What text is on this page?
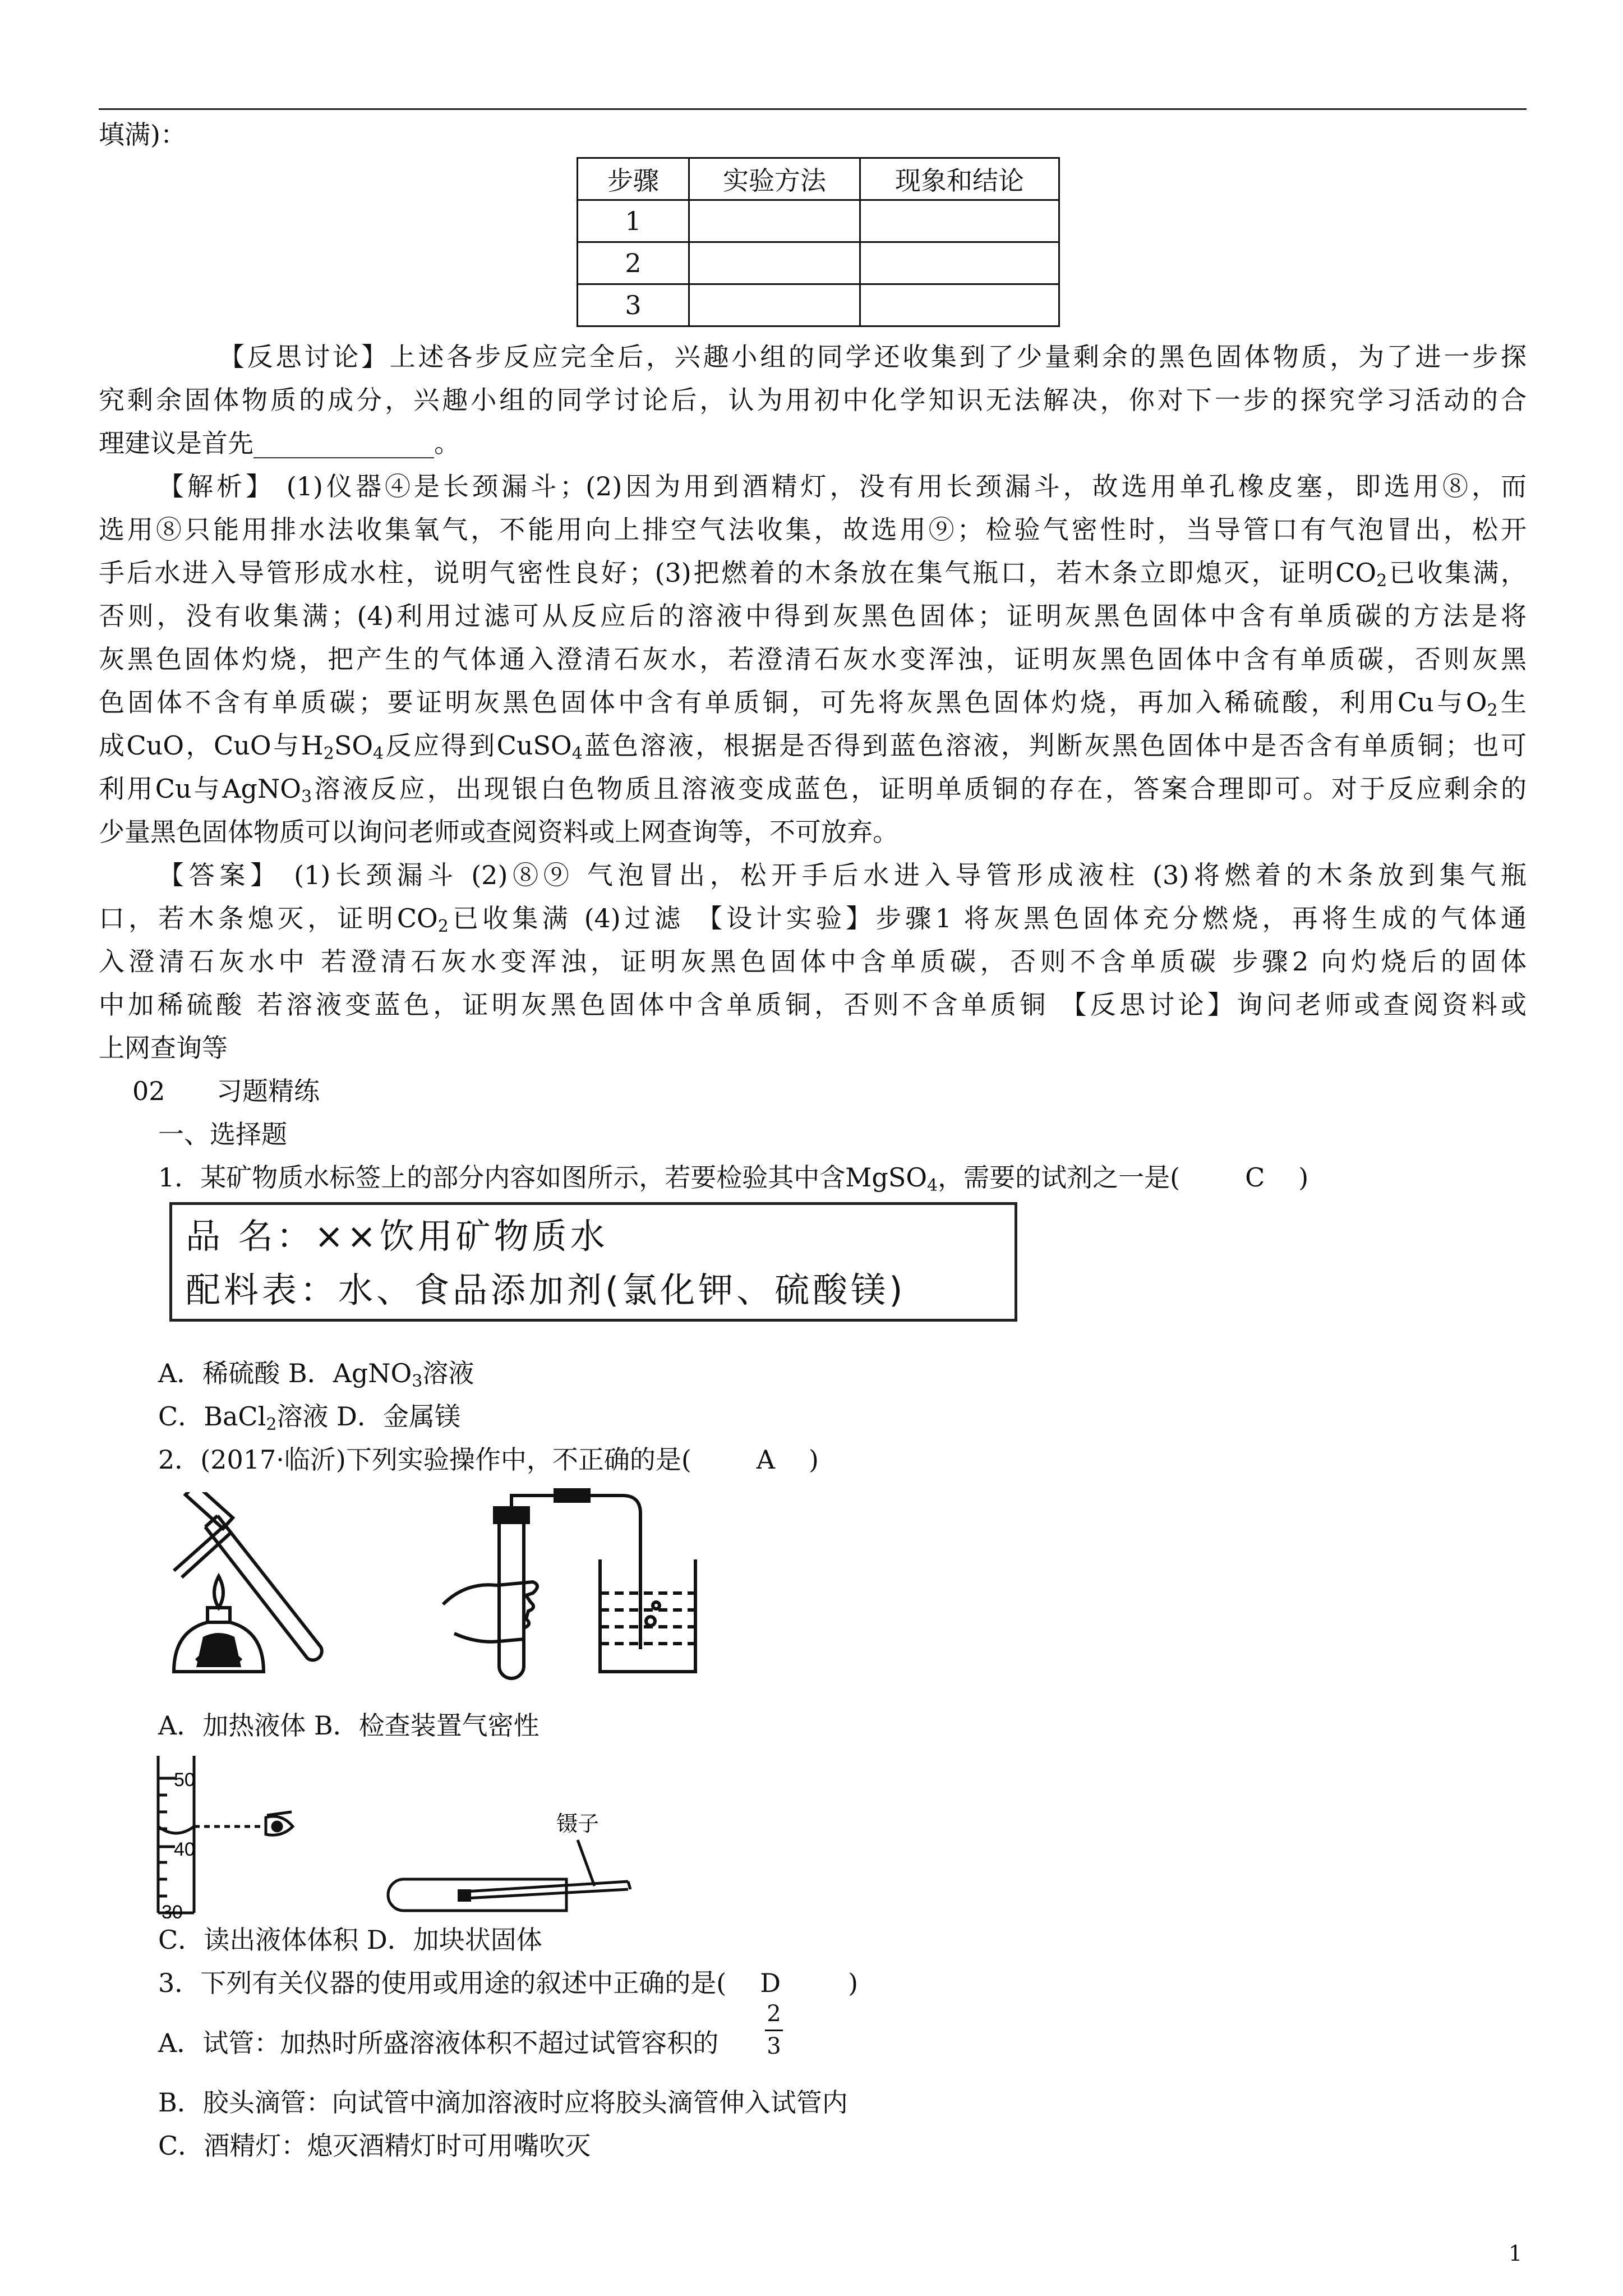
填满)：
步骤	实验方法	现象和结论
1		
2		
3		
【反思讨论】上述各步反应完全后，兴趣小组的同学还收集到了少量剩余的黑色固体物质，为了进一步探
究剩余固体物质的成分，兴趣小组的同学讨论后，认为用初中化学知识无法解决，你对下一步的探究学习活动的合
理建议是首先______________。
【解析】 (1)仪器④是长颈漏斗；(2)因为用到酒精灯，没有用长颈漏斗，故选用单孔橡皮塞，即选用⑧，而
选用⑧只能用排水法收集氧气，不能用向上排空气法收集，故选用⑨；检验气密性时，当导管口有气泡冒出，松开
手后水进入导管形成水柱，说明气密性良好；(3)把燃着的木条放在集气瓶口，若木条立即熄灭，证明$CO_2$已收集满，
否则，没有收集满；(4)利用过滤可从反应后的溶液中得到灰黑色固体；证明灰黑色固体中含有单质碳的方法是将
灰黑色固体灼烧，把产生的气体通入澄清石灰水，若澄清石灰水变浑浊，证明灰黑色固体中含有单质碳，否则灰黑
色固体不含有单质碳；要证明灰黑色固体中含有单质铜，可先将灰黑色固体灼烧，再加入稀硫酸，利用Cu与$O_2$生
成CuO，CuO与$H_2SO_4$反应得到CuSO$_4$蓝色溶液，根据是否得到蓝色溶液，判断灰黑色固体中是否含有单质铜；也可
利用Cu与AgNO$_3$溶液反应，出现银白色物质且溶液变成蓝色，证明单质铜的存在，答案合理即可。对于反应剩余的
少量黑色固体物质可以询问老师或查阅资料或上网查询等，不可放弃。
【答案】 (1)长颈漏斗 (2)⑧⑨ 气泡冒出，松开手后水进入导管形成液柱 (3)将燃着的木条放到集气瓶
口，若木条熄灭，证明$CO_2$已收集满 (4)过滤 【设计实验】步骤1 将灰黑色固体充分燃烧，再将生成的气体通
入澄清石灰水中 若澄清石灰水变浑浊，证明灰黑色固体中含单质碳，否则不含单质碳 步骤2 向灼烧后的固体
中加稀硫酸 若溶液变蓝色，证明灰黑色固体中含单质铜，否则不含单质铜 【反思讨论】询问老师或查阅资料或
上网查询等
02 习题精练
一、选择题
1．某矿物质水标签上的部分内容如图所示，若要检验其中含MgSO$_4$，需要的试剂之一是(	C )
品 名：××饮用矿物质水
配料表：水、食品添加剂(氯化钾、硫酸镁)
A．稀硫酸 B．AgNO$_3$溶液
C．BaCl$_2$溶液 D．金属镁
2．(2017·临沂)下列实验操作中，不正确的是(	A )
A．加热液体 B．检查装置气密性
50
40
30
镊子
C．读出液体体积 D．加块状固体
3．下列有关仪器的使用或用途的叙述中正确的是( D	)
A．试管：加热时所盛溶液体积不超过试管容积的
2
3
B．胶头滴管：向试管中滴加溶液时应将胶头滴管伸入试管内
C．酒精灯：熄灭酒精灯时可用嘴吹灭
1
